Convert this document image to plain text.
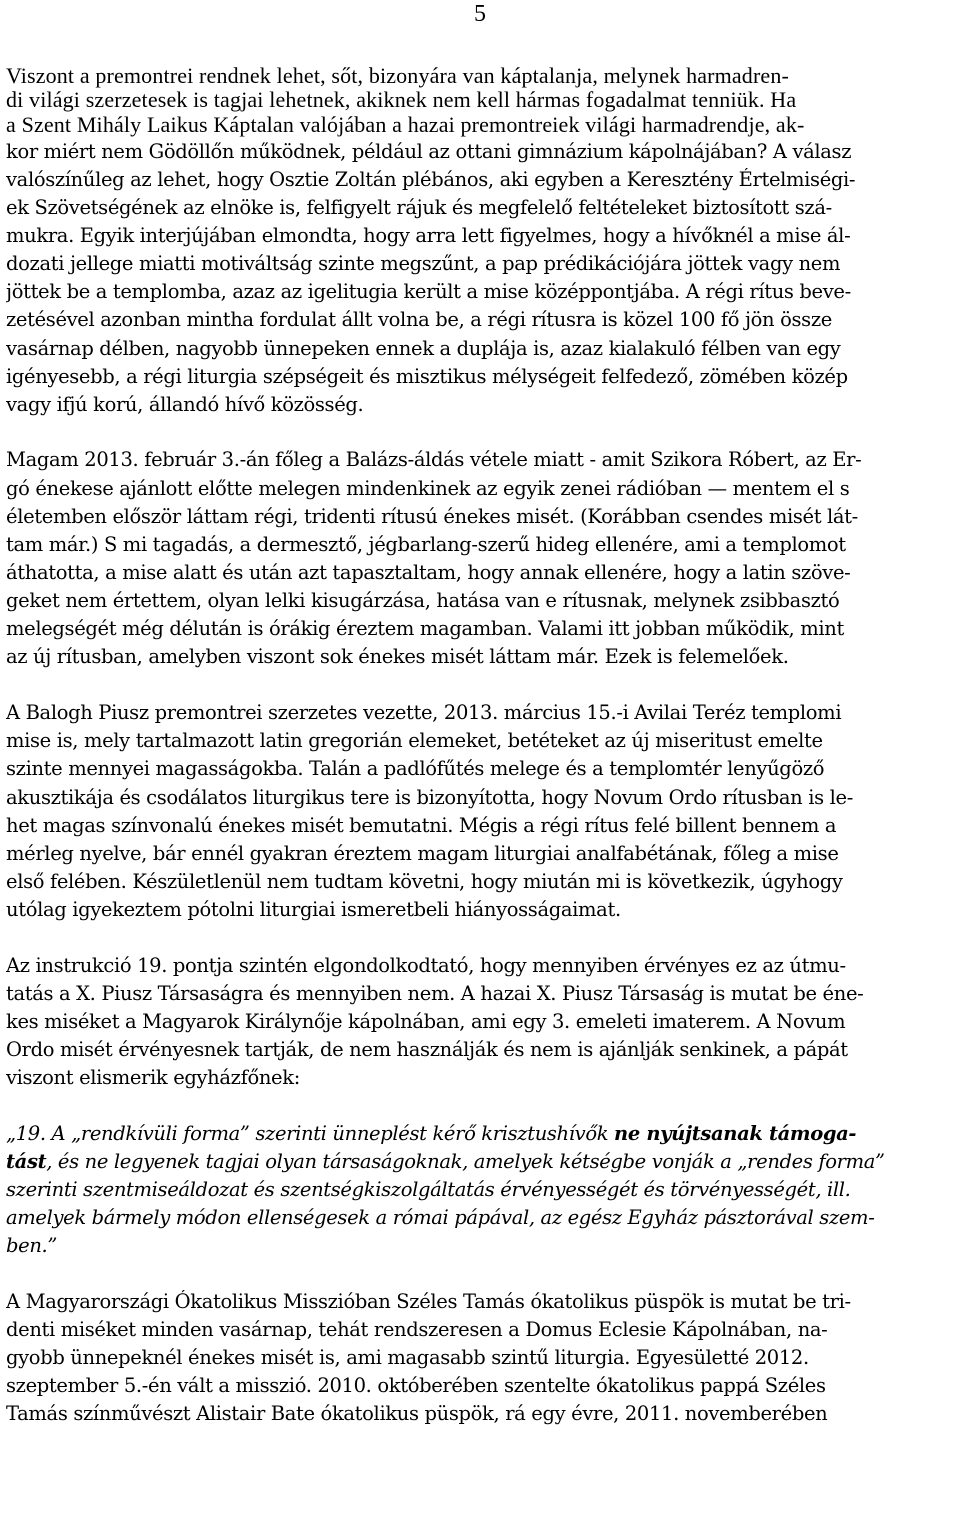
5
Viszont a premontrei rendnek lehet, sőt, bizonyára van káptalanja, melynek harmadren-
di világi szerzetesek is tagjai lehetnek, akiknek nem kell hármas fogadalmat tenniük. Ha
a Szent Mihály Laikus Káptalan valójában a hazai premontreiek világi harmadrendje, ak-
kor miért nem Gödöllőn működnek, például az ottani gimnázium kápolnájában? A válasz
valószínűleg az lehet, hogy Osztie Zoltán plébános, aki egyben a Keresztény Értelmiségi-
ek Szövetségének az elnöke is, felfigyelt rájuk és megfelelő feltételeket biztosított szá-
mukra. Egyik interjújában elmondta, hogy arra lett figyelmes, hogy a hívőknél a mise ál-
dozati jellege miatti motiváltság szinte megszűnt, a pap prédikációjára jöttek vagy nem
jöttek be a templomba, azaz az igelitugia került a mise középpontjába. A régi rítus beve-
zetésével azonban mintha fordulat állt volna be, a régi rítusra is közel 100 fő jön össze
vasárnap délben, nagyobb ünnepeken ennek a duplája is, azaz kialakuló félben van egy
igényesebb, a régi liturgia szépségeit és misztikus mélységeit felfedező, zömében közép
vagy ifjú korú, állandó hívő közösség.
Magam 2013. február 3.-án főleg a Balázs-áldás vétele miatt - amit Szikora Róbert, az Er-
gó énekese ajánlott előtte melegen mindenkinek az egyik zenei rádióban — mentem el s
életemben először láttam régi, tridenti rítusú énekes misét. (Korábban csendes misét lát-
tam már.) S mi tagadás, a dermesztő, jégbarlang-szerű hideg ellenére, ami a templomot
áthatotta, a mise alatt és után azt tapasztaltam, hogy annak ellenére, hogy a latin szöve-
geket nem értettem, olyan lelki kisugárzása, hatása van e rítusnak, melynek zsibbasztó
melegségét még délután is órákig éreztem magamban. Valami itt jobban működik, mint
az új rítusban, amelyben viszont sok énekes misét láttam már. Ezek is felemelőek.
A Balogh Piusz premontrei szerzetes vezette, 2013. március 15.-i Avilai Teréz templomi
mise is, mely tartalmazott latin gregorián elemeket, betéteket az új miseritust emelte
szinte mennyei magasságokba. Talán a padlófűtés melege és a templomtér lenyűgöző
akusztikája és csodálatos liturgikus tere is bizonyította, hogy Novum Ordo rítusban is le-
het magas színvonalú énekes misét bemutatni. Mégis a régi rítus felé billent bennem a
mérleg nyelve, bár ennél gyakran éreztem magam liturgiai analfabétának, főleg a mise
első felében. Készületlenül nem tudtam követni, hogy miután mi is következik, úgyhogy
utólag igyekeztem pótolni liturgiai ismeretbeli hiányosságaimat.
Az instrukció 19. pontja szintén elgondolkodtató, hogy mennyiben érvényes ez az útmu-
tatás a X. Piusz Társaságra és mennyiben nem. A hazai X. Piusz Társaság is mutat be éne-
kes miséket a Magyarok Királynője kápolnában, ami egy 3. emeleti imaterem. A Novum
Ordo misét érvényesnek tartják, de nem használják és nem is ajánlják senkinek, a pápát
viszont elismerik egyházfőnek:
„19. A „rendkívüli forma” szerinti ünneplést kérő krisztushívők ne nyújtsanak támoga-
tást, és ne legyenek tagjai olyan társaságoknak, amelyek kétségbe vonják a „rendes forma”
szerinti szentmiseáldozat és szentségkiszolgáltatás érvényességét és törvényességét, ill.
amelyek bármely módon ellenségesek a római pápával, az egész Egyház pásztorával szem-
ben.”
A Magyarországi Ókatolikus Misszióban Széles Tamás ókatolikus püspök is mutat be tri-
denti miséket minden vasárnap, tehát rendszeresen a Domus Eclesie Kápolnában, na-
gyobb ünnepeknél énekes misét is, ami magasabb szintű liturgia. Egyesületté 2012.
szeptember 5.-én vált a misszió. 2010. októberében szentelte ókatolikus pappá Széles
Tamás színművészt Alistair Bate ókatolikus püspök, rá egy évre, 2011. novemberében
